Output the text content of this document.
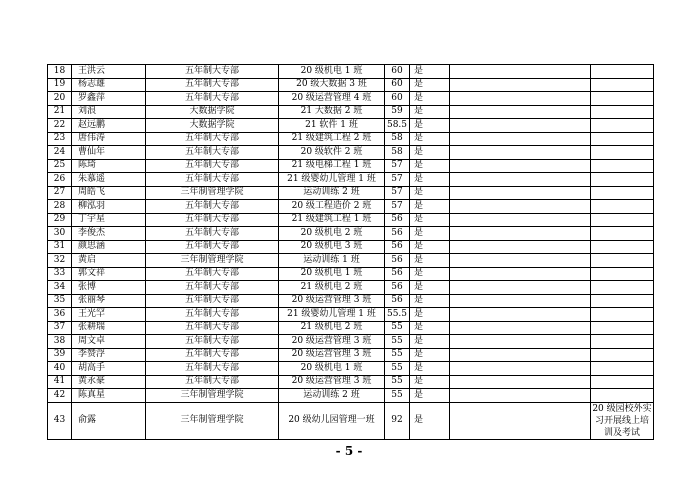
18	王洪云	五年制大专部	20 级机电 1 班	60	是		
19	杨志雄	五年制大专部	20 级大数据 3 班	60	是		
20	罗鑫萍	五年制大专部	20 级运营管理 4 班	60	是		
21	刘浪	大数据学院	21 大数据 2 班	59	是		
22	赵远鹏	大数据学院	21 软件 1 班	58.5	是		
23	唐伟涛	五年制大专部	21 级建筑工程 2 班	58	是		
24	曹仙年	五年制大专部	20 级软件 2 班	58	是		
25	陈琦	五年制大专部	21 级电梯工程 1 班	57	是		
26	朱慕遥	五年制大专部	21 级婴幼儿管理 1 班	57	是		
27	周皓飞	三年制管理学院	运动训练 2 班	57	是		
28	柳泓羽	五年制大专部	20 级工程造价 2 班	57	是		
29	丁宇星	五年制大专部	21 级建筑工程 1 班	56	是		
30	李俊杰	五年制大专部	20 级机电 2 班	56	是		
31	颜思涵	五年制大专部	20 级机电 3 班	56	是		
32	黄启	三年制管理学院	运动训练 1 班	56	是		
33	郭文祥	五年制大专部	20 级机电 1 班	56	是		
34	张博	五年制大专部	21 级机电 2 班	56	是		
35	张丽琴	五年制大专部	20 级运营管理 3 班	56	是		
36	王光罕	五年制大专部	21 级婴幼儿管理 1 班	55.5	是		
37	张耕瑞	五年制大专部	21 级机电 2 班	55	是		
38	周文卓	五年制大专部	20 级运营管理 3 班	55	是		
39	李赞浮	五年制大专部	20 级运营管理 3 班	55	是		
40	胡高手	五年制大专部	20 级机电 1 班	55	是		
41	黄永豪	五年制大专部	20 级运营管理 3 班	55	是		
42	陈真星	三年制管理学院	运动训练 2 班	55	是		
43	俞露	三年制管理学院	20 级幼儿园管理一班	92	是		20 级园校外实习开展线上培训及考试
- 5 -
